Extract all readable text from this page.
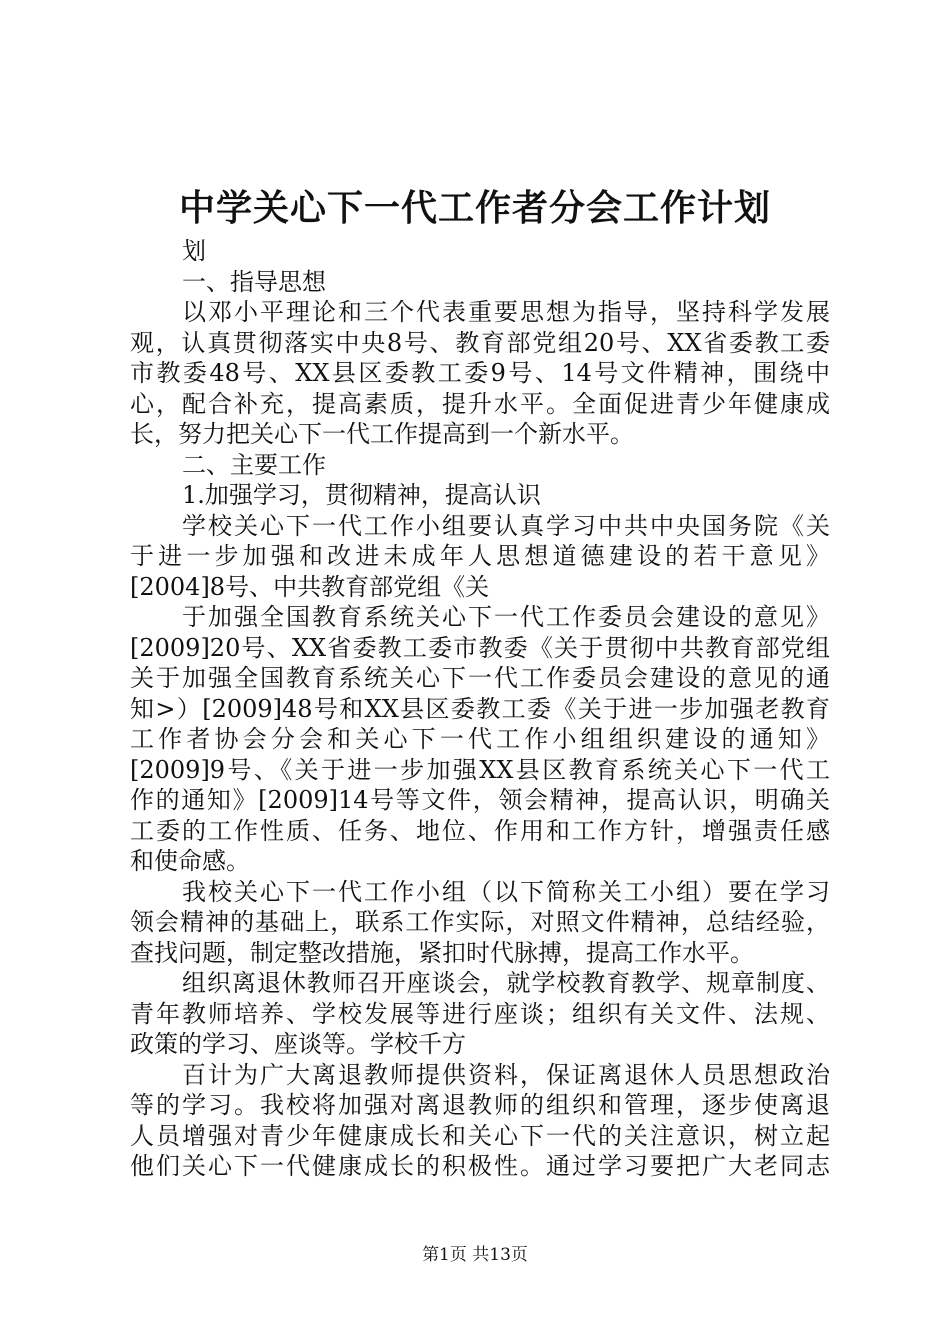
中学关心下一代工作者分会工作计划
划
一、指导思想
以邓小平理论和三个代表重要思想为指导，坚持科学发展
观，认真贯彻落实中央8号、教育部党组20号、XX省委教工委
市教委48号、XX县区委教工委9号、14号文件精神，围绕中
心，配合补充，提高素质，提升水平。全面促进青少年健康成
长，努力把关心下一代工作提高到一个新水平。
二、主要工作
1.加强学习，贯彻精神，提高认识
学校关心下一代工作小组要认真学习中共中央国务院《关
于进一步加强和改进未成年人思想道德建设的若干意见》
[2004]8号、中共教育部党组《关
于加强全国教育系统关心下一代工作委员会建设的意见》
[2009]20号、XX省委教工委市教委《关于贯彻中共教育部党组
关于加强全国教育系统关心下一代工作委员会建设的意见的通
知>）[2009]48号和XX县区委教工委《关于进一步加强老教育
工作者协会分会和关心下一代工作小组组织建设的通知》
[2009]9号、《关于进一步加强XX县区教育系统关心下一代工
作的通知》[2009]14号等文件，领会精神，提高认识，明确关
工委的工作性质、任务、地位、作用和工作方针，增强责任感
和使命感。
我校关心下一代工作小组（以下简称关工小组）要在学习
领会精神的基础上，联系工作实际，对照文件精神，总结经验，
查找问题，制定整改措施，紧扣时代脉搏，提高工作水平。
组织离退休教师召开座谈会，就学校教育教学、规章制度、
青年教师培养、学校发展等进行座谈；组织有关文件、法规、
政策的学习、座谈等。学校千方
百计为广大离退教师提供资料，保证离退休人员思想政治
等的学习。我校将加强对离退教师的组织和管理，逐步使离退
人员增强对青少年健康成长和关心下一代的关注意识，树立起
他们关心下一代健康成长的积极性。通过学习要把广大老同志
第1页 共13页
